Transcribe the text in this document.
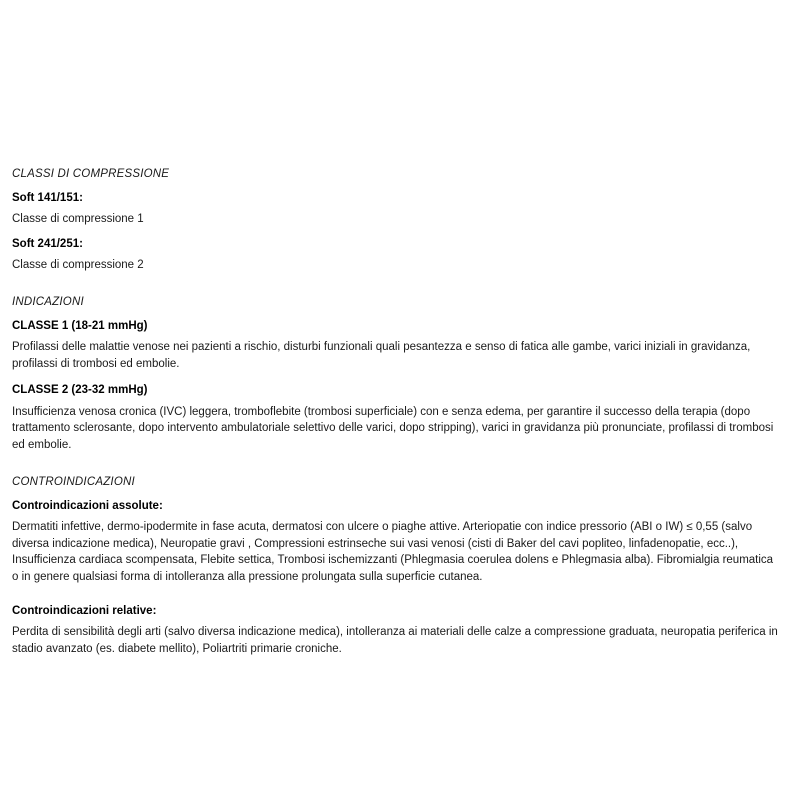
CLASSI DI COMPRESSIONE
Soft 141/151:
Classe di compressione 1
Soft 241/251:
Classe di compressione 2
INDICAZIONI
CLASSE 1 (18-21 mmHg)
Profilassi delle malattie venose nei pazienti a rischio, disturbi funzionali quali pesantezza e senso di fatica alle gambe, varici iniziali in gravidanza, profilassi di trombosi ed embolie.
CLASSE 2 (23-32 mmHg)
Insufficienza venosa cronica (IVC) leggera, tromboflebite (trombosi superficiale) con e senza edema, per garantire il successo della terapia (dopo trattamento sclerosante, dopo intervento ambulatoriale selettivo delle varici, dopo stripping), varici in gravidanza più pronunciate, profilassi di trombosi ed embolie.
CONTROINDICAZIONI
Controindicazioni assolute:
Dermatiti infettive, dermo-ipodermite in fase acuta, dermatosi con ulcere o piaghe attive. Arteriopatie con indice pressorio (ABI o IW) ≤ 0,55 (salvo diversa indicazione medica), Neuropatie gravi , Compressioni estrinseche sui vasi venosi (cisti di Baker del cavi popliteo, linfadenopatie, ecc..), Insufficienza cardiaca scompensata, Flebite settica, Trombosi ischemizzanti (Phlegmasia coerulea dolens e Phlegmasia alba). Fibromialgia reumatica o in genere qualsiasi forma di intolleranza alla pressione prolungata sulla superficie cutanea.
Controindicazioni relative:
Perdita di sensibilità degli arti (salvo diversa indicazione medica), intolleranza ai materiali delle calze a compressione graduata, neuropatia periferica in stadio avanzato (es. diabete mellito), Poliartriti primarie croniche.
